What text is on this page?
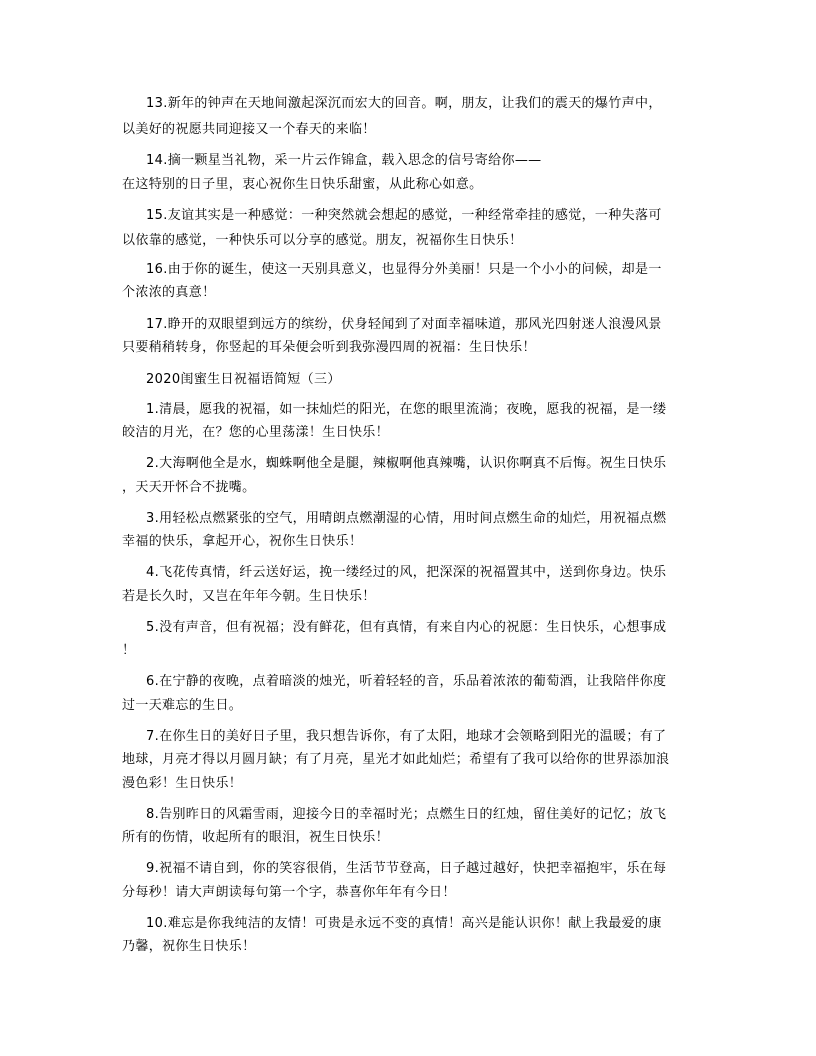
13.新年的钟声在天地间激起深沉而宏大的回音。啊，朋友，让我们的震天的爆竹声中，
以美好的祝愿共同迎接又一个春天的来临！
14.摘一颗星当礼物，采一片云作锦盒，载入思念的信号寄给你——
在这特别的日子里，衷心祝你生日快乐甜蜜，从此称心如意。
15.友谊其实是一种感觉：一种突然就会想起的感觉，一种经常牵挂的感觉，一种失落可
以依靠的感觉，一种快乐可以分享的感觉。朋友，祝福你生日快乐！
16.由于你的诞生，使这一天别具意义，也显得分外美丽！只是一个小小的问候，却是一
个浓浓的真意！
17.睁开的双眼望到远方的缤纷，伏身轻闻到了对面幸福味道，那风光四射迷人浪漫风景
只要稍稍转身，你竖起的耳朵便会听到我弥漫四周的祝福：生日快乐！
2020闺蜜生日祝福语简短（三）
1.清晨，愿我的祝福，如一抹灿烂的阳光，在您的眼里流淌；夜晚，愿我的祝福，是一缕
皎洁的月光，在？您的心里荡漾！生日快乐！
2.大海啊他全是水，蜘蛛啊他全是腿，辣椒啊他真辣嘴，认识你啊真不后悔。祝生日快乐
，天天开怀合不拢嘴。
3.用轻松点燃紧张的空气，用晴朗点燃潮湿的心情，用时间点燃生命的灿烂，用祝福点燃
幸福的快乐，拿起开心，祝你生日快乐！
4.飞花传真情，纤云送好运，挽一缕经过的风，把深深的祝福置其中，送到你身边。快乐
若是长久时，又岂在年年今朝。生日快乐！
5.没有声音，但有祝福；没有鲜花，但有真情，有来自内心的祝愿：生日快乐，心想事成
！
6.在宁静的夜晚，点着暗淡的烛光，听着轻轻的音，乐品着浓浓的葡萄酒，让我陪伴你度
过一天难忘的生日。
7.在你生日的美好日子里，我只想告诉你，有了太阳，地球才会领略到阳光的温暖；有了
地球，月亮才得以月圆月缺；有了月亮，星光才如此灿烂；希望有了我可以给你的世界添加浪
漫色彩！生日快乐！
8.告别昨日的风霜雪雨，迎接今日的幸福时光；点燃生日的红烛，留住美好的记忆；放飞
所有的伤情，收起所有的眼泪，祝生日快乐！
9.祝福不请自到，你的笑容很俏，生活节节登高，日子越过越好，快把幸福抱牢，乐在每
分每秒！请大声朗读每句第一个字，恭喜你年年有今日！
10.难忘是你我纯洁的友情！可贵是永远不变的真情！高兴是能认识你！献上我最爱的康
乃馨，祝你生日快乐！
